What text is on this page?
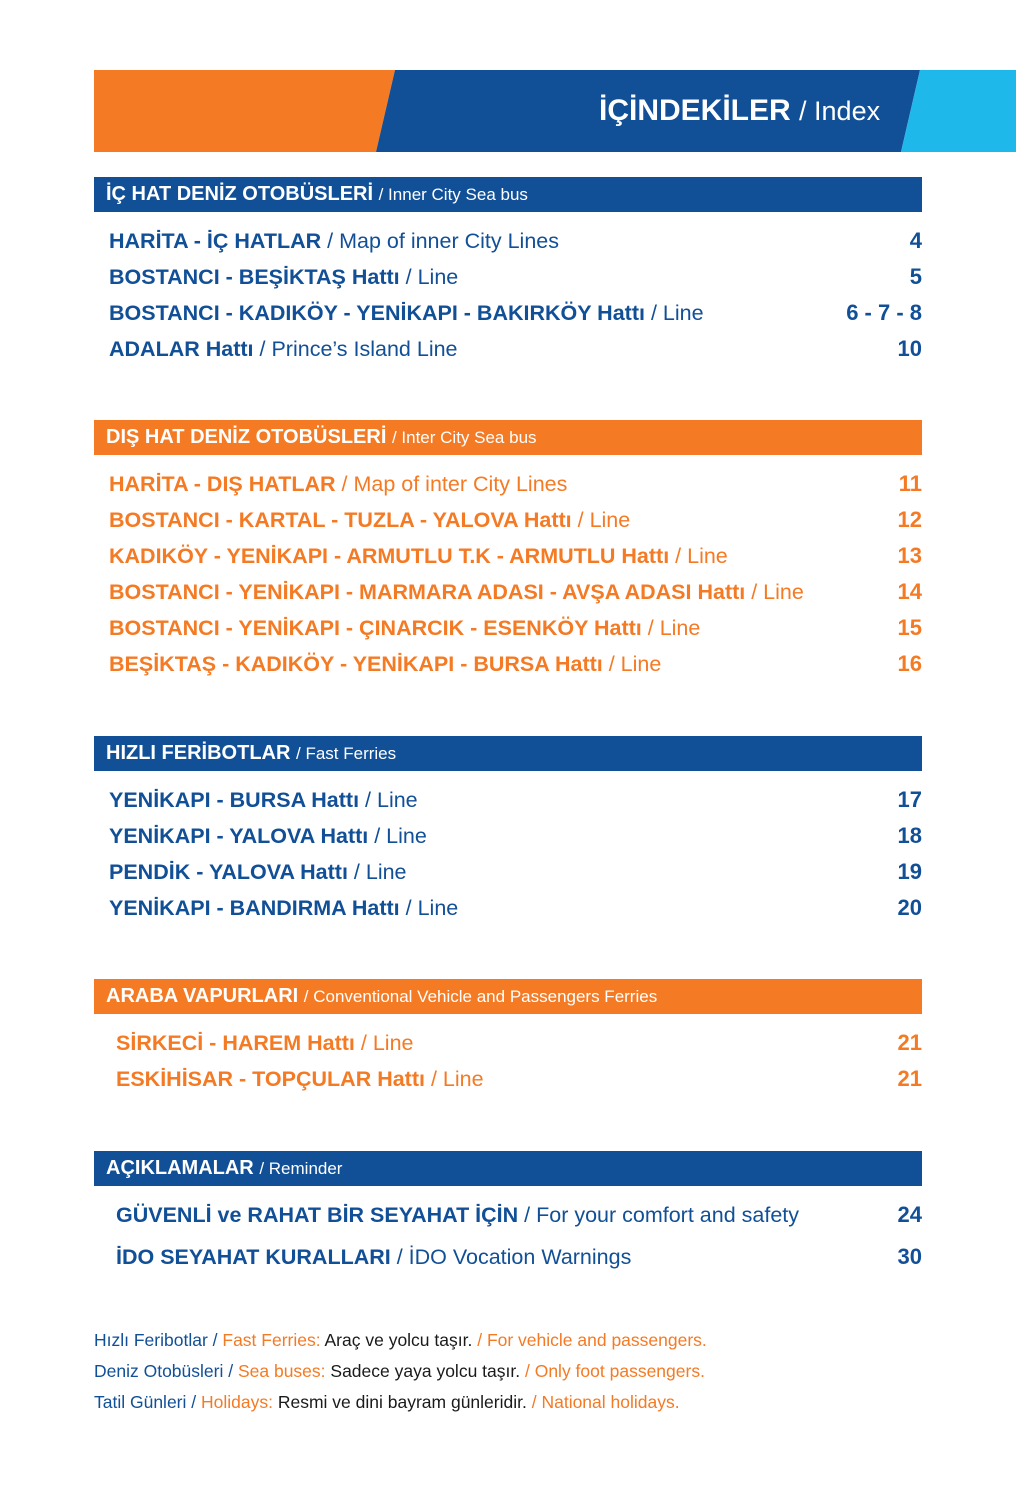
İÇİNDEKİLER / Index	3
İÇ HAT DENİZ OTOBÜSLERİ / Inner City Sea bus
HARİTA - İÇ HATLAR / Map of inner City Lines	4
BOSTANCI - BEŞİKTAŞ Hattı / Line	5
BOSTANCI - KADIKÖY - YENİKAPI - BAKIRKÖY Hattı / Line	6 - 7 - 8
ADALAR Hattı / Prince’s Island Line	10
DIŞ HAT DENİZ OTOBÜSLERİ / Inter City Sea bus
HARİTA - DIŞ HATLAR / Map of inter City Lines	11
BOSTANCI - KARTAL - TUZLA - YALOVA Hattı / Line	12
KADIKÖY - YENİKAPI - ARMUTLU T.K - ARMUTLU Hattı / Line	13
BOSTANCI - YENİKAPI - MARMARA ADASI - AVŞA ADASI Hattı / Line	14
BOSTANCI - YENİKAPI - ÇINARCIK - ESENKÖY Hattı / Line	15
BEŞİKTAŞ - KADIKÖY - YENİKAPI - BURSA Hattı / Line	16
HIZLI FERİBOTLAR / Fast Ferries
YENİKAPI - BURSA Hattı / Line	17
YENİKAPI - YALOVA Hattı / Line	18
PENDİK - YALOVA Hattı / Line	19
YENİKAPI - BANDIRMA Hattı / Line	20
ARABA VAPURLARI / Conventional Vehicle and Passengers Ferries
SİRKECİ - HAREM Hattı / Line	21
ESKİHİSAR - TOPÇULAR Hattı / Line	21
AÇIKLAMALAR / Reminder
GÜVENLİ ve RAHAT BİR SEYAHAT İÇİN / For your comfort and safety	24
İDO SEYAHAT KURALLARI / İDO Vocation Warnings	30
Hızlı Feribotlar / Fast Ferries: Araç ve yolcu taşır. / For vehicle and passengers.
Deniz Otobüsleri / Sea buses: Sadece yaya yolcu taşır. / Only foot passengers.
Tatil Günleri / Holidays: Resmi ve dini bayram günleridir. / National holidays.
